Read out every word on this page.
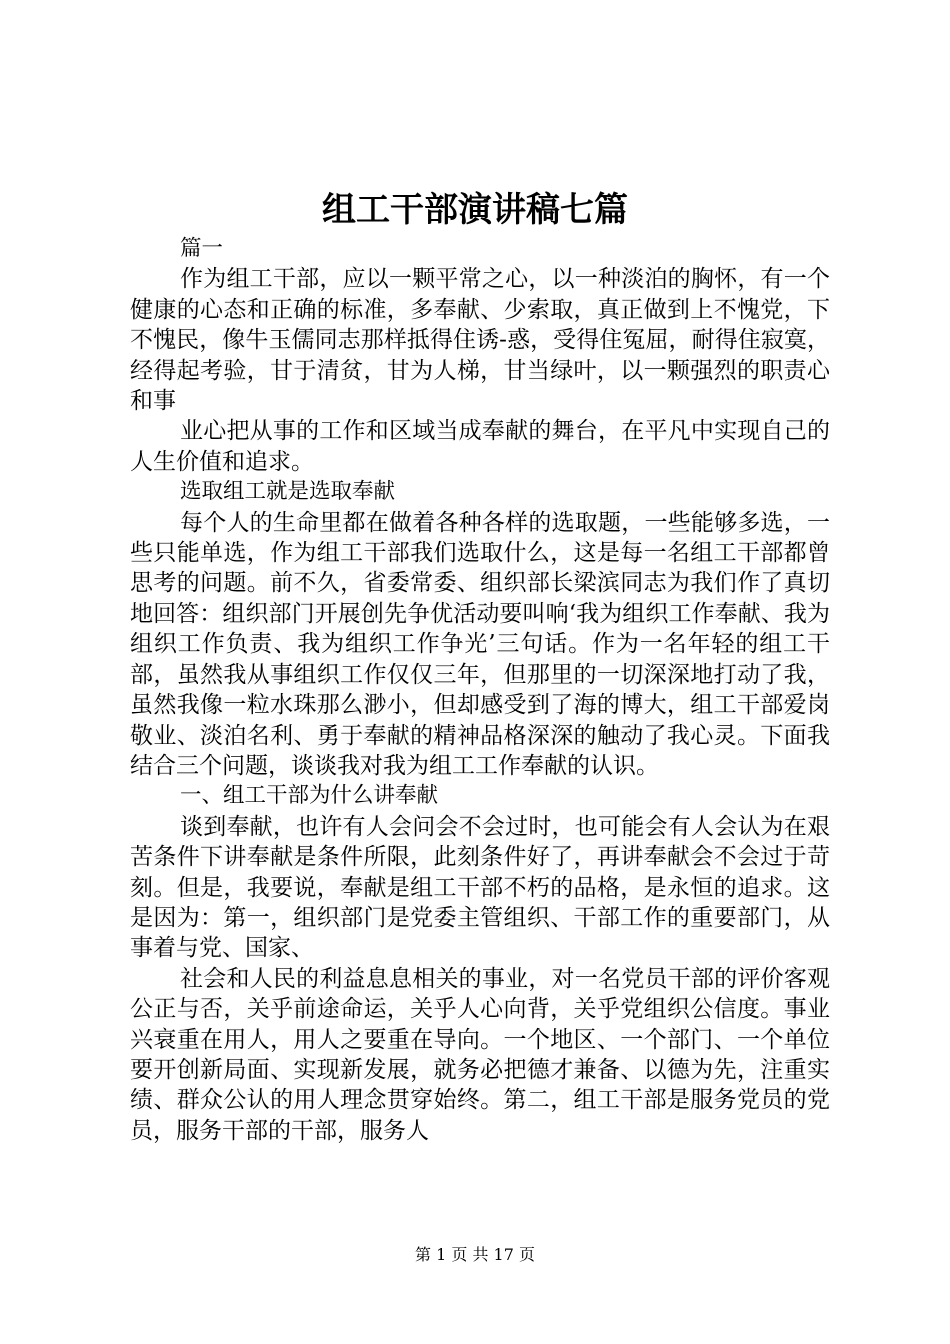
组工干部演讲稿七篇

篇一

作为组工干部，应以一颗平常之心，以一种淡泊的胸怀，有一个健康的心态和正确的标准，多奉献、少索取，真正做到上不愧党，下不愧民，像牛玉儒同志那样抵得住诱-惑，受得住冤屈，耐得住寂寞，经得起考验，甘于清贫，甘为人梯，甘当绿叶，以一颗强烈的职责心和事

业心把从事的工作和区域当成奉献的舞台，在平凡中实现自己的人生价值和追求。

选取组工就是选取奉献

每个人的生命里都在做着各种各样的选取题，一些能够多选，一些只能单选，作为组工干部我们选取什么，这是每一名组工干部都曾思考的问题。前不久，省委常委、组织部长梁滨同志为我们作了真切地回答：组织部门开展创先争优活动要叫响‘我为组织工作奉献、我为组织工作负责、我为组织工作争光’三句话。作为一名年轻的组工干部，虽然我从事组织工作仅仅三年，但那里的一切深深地打动了我，虽然我像一粒水珠那么渺小，但却感受到了海的博大，组工干部爱岗敬业、淡泊名利、勇于奉献的精神品格深深的触动了我心灵。下面我结合三个问题，谈谈我对我为组工工作奉献的认识。

一、组工干部为什么讲奉献

谈到奉献，也许有人会问会不会过时，也可能会有人会认为在艰苦条件下讲奉献是条件所限，此刻条件好了，再讲奉献会不会过于苛刻。但是，我要说，奉献是组工干部不朽的品格，是永恒的追求。这是因为：第一，组织部门是党委主管组织、干部工作的重要部门，从事着与党、国家、

社会和人民的利益息息相关的事业，对一名党员干部的评价客观公正与否，关乎前途命运，关乎人心向背，关乎党组织公信度。事业兴衰重在用人，用人之要重在导向。一个地区、一个部门、一个单位要开创新局面、实现新发展，就务必把德才兼备、以德为先，注重实绩、群众公认的用人理念贯穿始终。第二，组工干部是服务党员的党员，服务干部的干部，服务人

第 1 页 共 17 页
